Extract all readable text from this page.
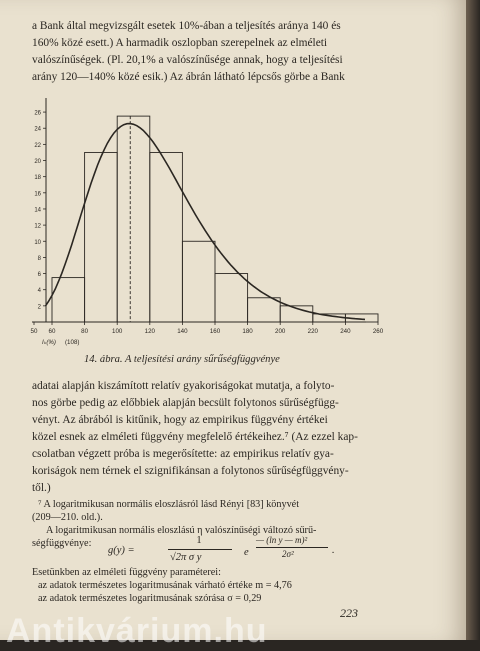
a Bank által megvizsgált esetek 10%-ában a teljesítés aránya 140 és
160% közé esett.) A harmadik oszlopban szerepelnek az elméleti
valószínűségek. (Pl. 20,1% a valószínűsége annak, hogy a teljesítési
arány 120—140% közé esik.) Az ábrán látható lépcsős görbe a Bank
2
4
6
8
10
12
14
16
18
20
22
24
26
50 60	80	100	120	140	160	180	200	220	240	260
Iₖ(%) (108)
14. ábra. A teljesítési arány sűrűségfüggvénye
adatai alapján kiszámított relatív gyakoriságokat mutatja, a folyto-
nos görbe pedig az előbbiek alapján becsült folytonos sűrűségfügg-
vényt. Az ábrából is kitűnik, hogy az empirikus függvény értékei
közel esnek az elméleti függvény megfelelő értékeihez.⁷ (Az ezzel kap-
csolatban végzett próba is megerősítette: az empirikus relatív gya-
koriságok nem térnek el szignifikánsan a folytonos sűrűségfüggvény-
től.)
⁷ A logaritmikusan normális eloszlásról lásd Rényi [83] könyvét
(209—210. old.).
A logaritmikusan normális eloszlású η valószínűségi változó sűrű-
ségfüggvénye:
g(y) =
1
√2π σ y	e
— (ln y — m)²
2σ²	.
Esetünkben az elméleti függvény paraméterei:
az adatok természetes logaritmusának várható értéke m = 4,76
az adatok természetes logaritmusának szórása σ = 0,29
223
Antikvárium.hu
